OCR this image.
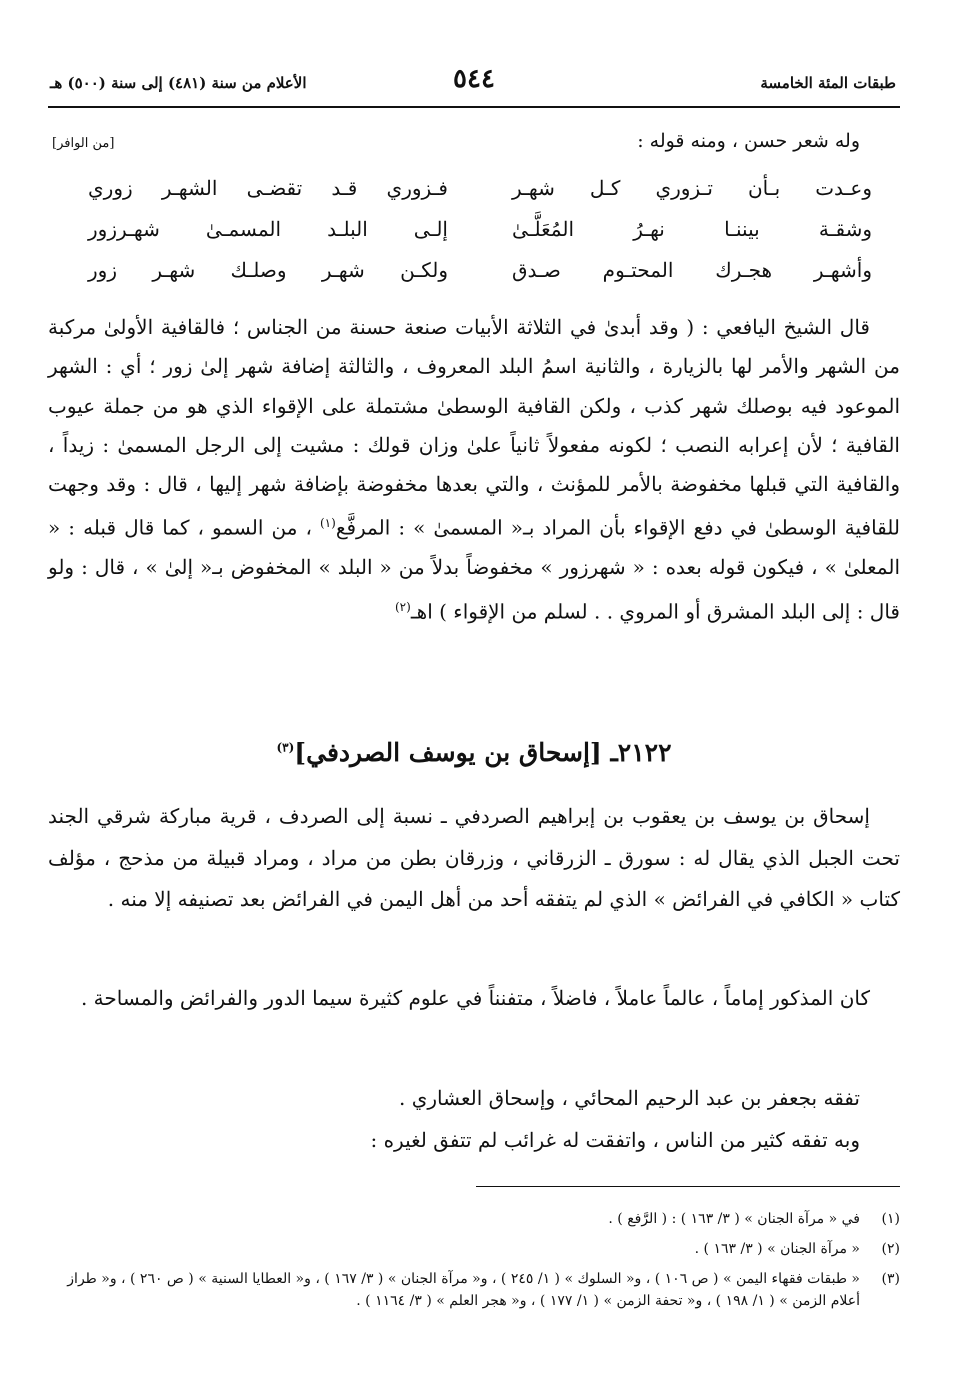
طبقات المئة الخامسة
٥٤٤
الأعلام من سنة (٤٨١) إلى سنة (٥٠٠) هـ
وله شعر حسن ، ومنه قوله :
[من الوافر]
وعـدت بـأن تـزوري كـل شهـر
فـزوري قـد تقضـى الشهـر زوري
وشقـة بيننـا نهـرُ المُعَلَّـىٰ
إلـى البلـد المسمـىٰ شهـرزور
وأشهـر هجـرك المحتـوم صـدق
ولكـن شهـر وصلـك شهـر زور
قال الشيخ اليافعي : ( وقد أبدىٰ في الثلاثة الأبيات صنعة حسنة من الجناس ؛ فالقافية الأولىٰ مركبة من الشهر والأمر لها بالزيارة ، والثانية اسمُ البلد المعروف ، والثالثة إضافة شهر إلىٰ زور ؛ أي : الشهر الموعود فيه بوصلك شهر كذب ، ولكن القافية الوسطىٰ مشتملة على الإقواء الذي هو من جملة عيوب القافية ؛ لأن إعرابه النصب ؛ لكونه مفعولاً ثانياً علىٰ وزان قولك : مشيت إلى الرجل المسمىٰ : زيداً ، والقافية التي قبلها مخفوضة بالأمر للمؤنث ، والتي بعدها مخفوضة بإضافة شهر إليها ، قال : وقد وجهت للقافية الوسطىٰ في دفع الإقواء بأن المراد بـ« المسمىٰ » : المرفَّع$^{(١)}$ ، من السمو ، كما قال قبله : « المعلىٰ » ، فيكون قوله بعده : « شهرزور » مخفوضاً بدلاً من « البلد » المخفوض بـ« إلىٰ » ، قال : ولو قال : إلى البلد المشرق أو المروي . . لسلم من الإقواء ) اهـ$^{(٢)}$
٢١٢٢ـ [إسحاق بن يوسف الصردفي]$^{(٣)}$
إسحاق بن يوسف بن يعقوب بن إبراهيم الصردفي ـ نسبة إلى الصردف ، قرية مباركة شرقي الجند تحت الجبل الذي يقال له : سورق ـ الزرقاني ، وزرقان بطن من مراد ، ومراد قبيلة من مذحج ، مؤلف كتاب « الكافي في الفرائض » الذي لم يتفقه أحد من أهل اليمن في الفرائض بعد تصنيفه إلا منه .
كان المذكور إماماً ، عالماً عاملاً ، فاضلاً ، متفنناً في علوم كثيرة سيما الدور والفرائض والمساحة .
تفقه بجعفر بن عبد الرحيم المحائي ، وإسحاق العشاري .
وبه تفقه كثير من الناس ، واتفقت له غرائب لم تتفق لغيره :
(١)
في « مرآة الجنان » ( ٣/ ١٦٣ ) : ( الرَّفع ) .
(٢)
« مرآة الجنان » ( ٣/ ١٦٣ ) .
(٣)
« طبقات فقهاء اليمن » ( ص ١٠٦ ) ، و« السلوك » ( ١/ ٢٤٥ ) ، و« مرآة الجنان » ( ٣/ ١٦٧ ) ، و« العطايا السنية » ( ص ٢٦٠ ) ، و« طراز أعلام الزمن » ( ١/ ١٩٨ ) ، و« تحفة الزمن » ( ١/ ١٧٧ ) ، و« هجر العلم » ( ٣/ ١١٦٤ ) .
